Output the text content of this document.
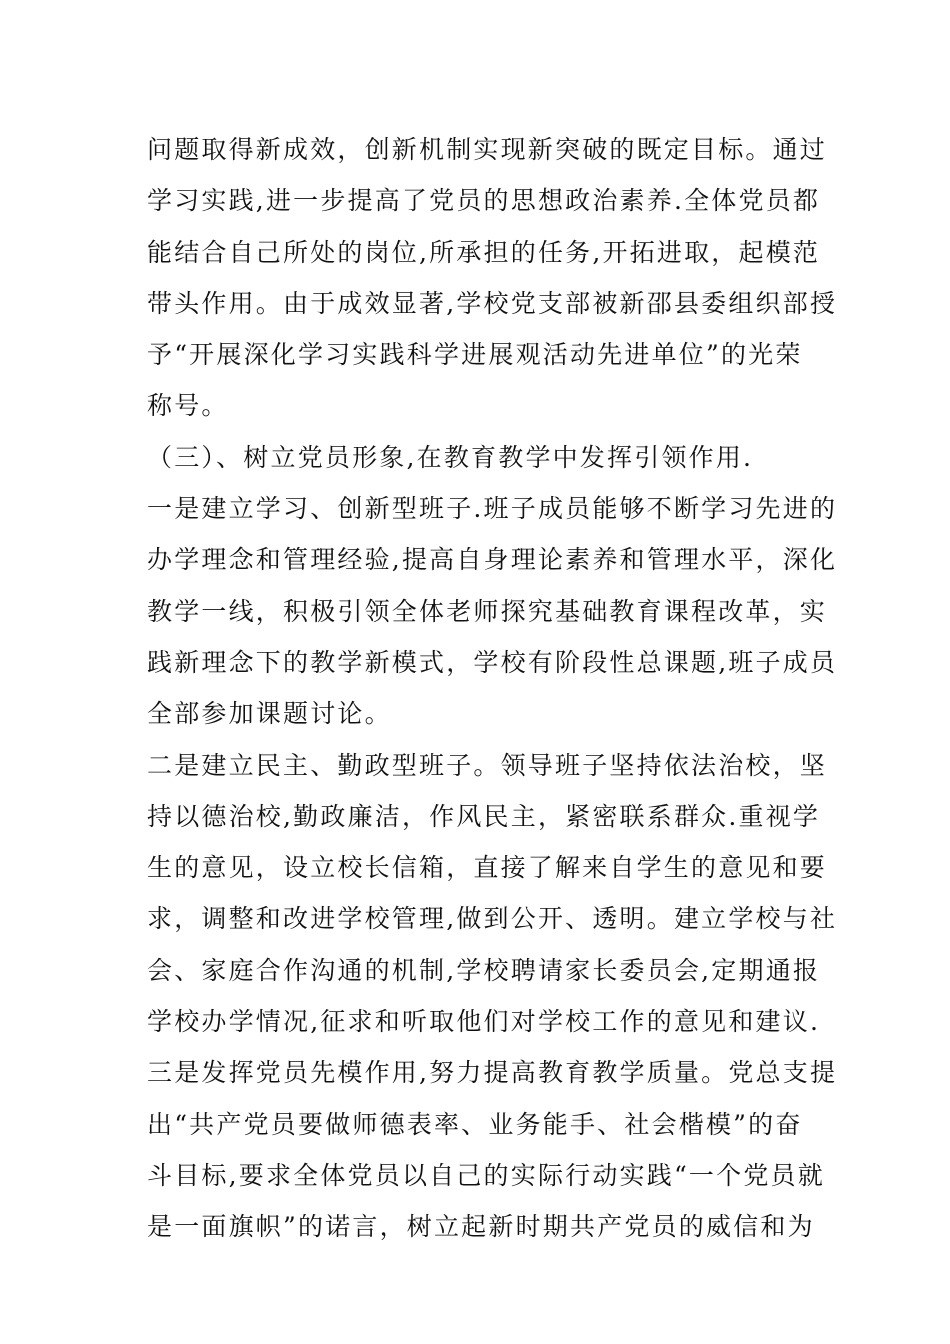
问题取得新成效，创新机制实现新突破的既定目标。通过
学习实践,进一步提高了党员的思想政治素养.全体党员都
能结合自己所处的岗位,所承担的任务,开拓进取，起模范
带头作用。由于成效显著,学校党支部被新邵县委组织部授
予“开展深化学习实践科学进展观活动先进单位”的光荣
称号。
（三）、树立党员形象,在教育教学中发挥引领作用.
一是建立学习、创新型班子.班子成员能够不断学习先进的
办学理念和管理经验,提高自身理论素养和管理水平，深化
教学一线，积极引领全体老师探究基础教育课程改革，实
践新理念下的教学新模式，学校有阶段性总课题,班子成员
全部参加课题讨论。
二是建立民主、勤政型班子。领导班子坚持依法治校，坚
持以德治校,勤政廉洁，作风民主，紧密联系群众.重视学
生的意见，设立校长信箱，直接了解来自学生的意见和要
求，调整和改进学校管理,做到公开、透明。建立学校与社
会、家庭合作沟通的机制,学校聘请家长委员会,定期通报
学校办学情况,征求和听取他们对学校工作的意见和建议.
三是发挥党员先模作用,努力提高教育教学质量。党总支提
出“共产党员要做师德表率、业务能手、社会楷模”的奋
斗目标,要求全体党员以自己的实际行动实践“一个党员就
是一面旗帜”的诺言，树立起新时期共产党员的威信和为
